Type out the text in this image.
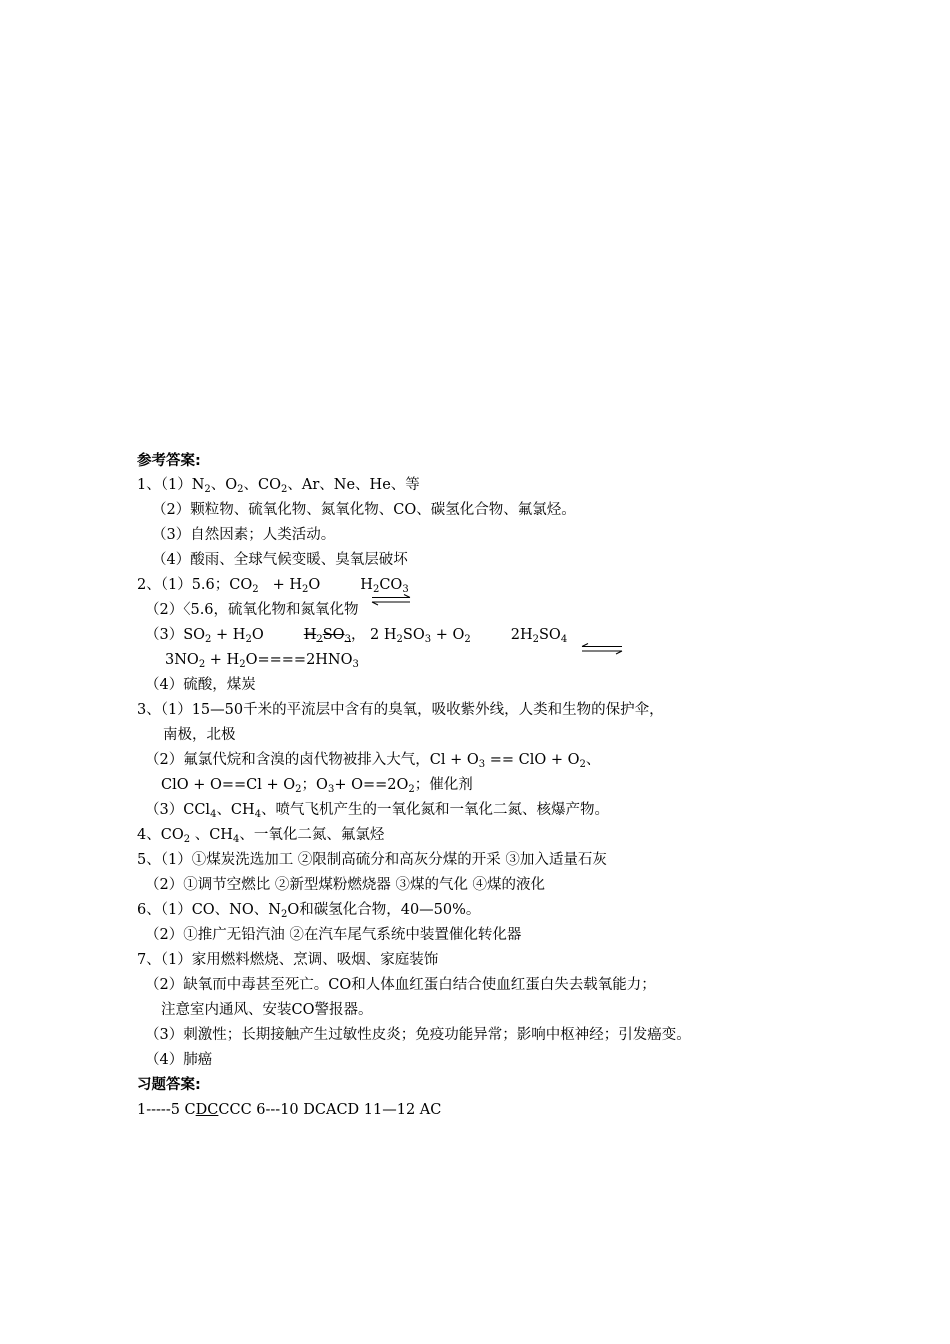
参考答案:
1、$(1)N_2$、$O_2$、$CO_2$、Ar、Ne、He、等
（2）颗粒物、硫氧化物、氮氧化物、CO、碳氢化合物、氟氯烃。
（3）自然因素；人类活动。
（4）酸雨、全球气候变暖、臭氧层破坏
2、（1）5.6；$CO_2 + H_2O$	$H_2CO_3$
（2）〈5.6，硫氧化物和氮氧化物
$(3)SO_2 + H_2O$	$H_2SO_3$， 2 $H_2SO_3 + O_2$	$2H_2SO_4$
$3NO_2 + H_2O====2HNO_3$
（4）硫酸，煤炭
3、（1）15—50千米的平流层中含有的臭氧，吸收紫外线，人类和生物的保护伞，
南极，北极
（2）氟氯代烷和含溴的卤代物被排入大气，$Cl + O_3$ == ClO + $O_2$、
ClO + $O==Cl + O_2$；$O_3+ O==2O_2$；催化剂
（3）CCl$_4$、$CH_4$、喷气飞机产生的一氧化氮和一氧化二氮、核爆产物。
4、$CO_2$ 、$CH_4$、一氧化二氮、氟氯烃
5、（1）①煤炭洗选加工 ②限制高硫分和高灰分煤的开采 ③加入适量石灰
（2）①调节空燃比 ②新型煤粉燃烧器 ③煤的气化 ④煤的液化
6、（1）CO、NO、$N_2O$和碳氢化合物，40—50%。
（2）①推广无铅汽油 ②在汽车尾气系统中装置催化转化器
7、（1）家用燃料燃烧、烹调、吸烟、家庭装饰
（2）缺氧而中毒甚至死亡。CO和人体血红蛋白结合使血红蛋白失去载氧能力；
注意室内通风、安装CO警报器。
（3）刺激性；长期接触产生过敏性皮炎；免疫功能异常；影响中枢神经；引发癌变。
（4）肺癌
习题答案:
1-----5 CDCCCC 6---10 DCACD 11—12 AC
